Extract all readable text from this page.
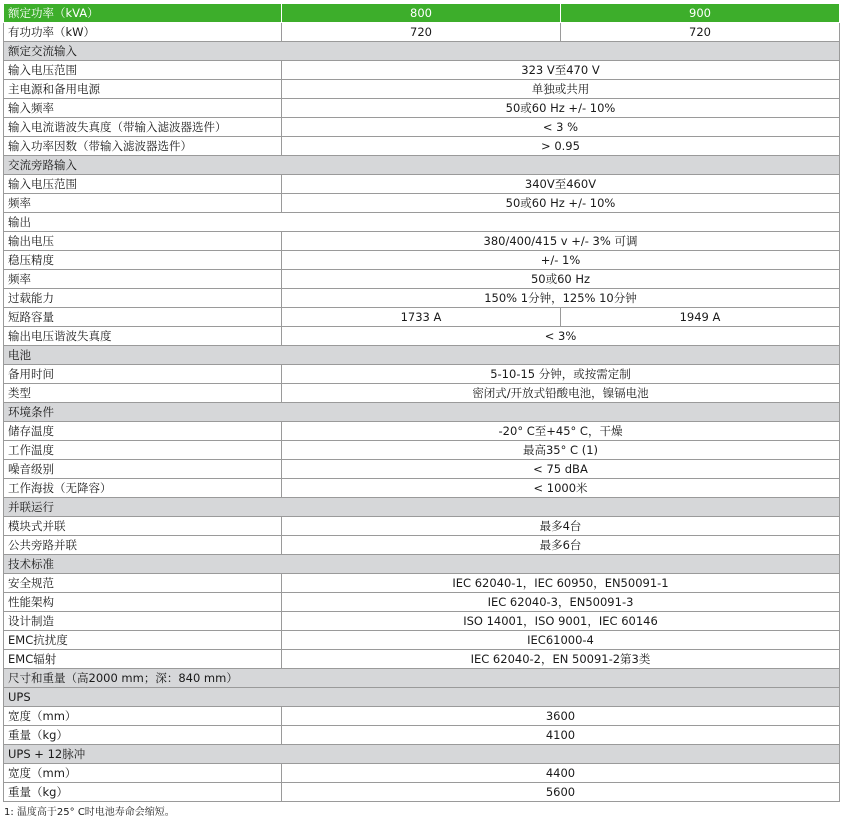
额定功率（kVA）	800	900
有功功率（kW）	720	720
额定交流输入		
输入电压范围	323 V至470 V	
主电源和备用电源	单独或共用	
输入频率	50或60 Hz +/- 10%	
输入电流谐波失真度（带输入滤波器选件）	< 3 %	
输入功率因数（带输入滤波器选件）	> 0.95	
交流旁路输入		
输入电压范围	340V至460V	
频率	50或60 Hz +/- 10%	
输出		
输出电压	380/400/415 v +/- 3% 可调	
稳压精度	+/- 1%	
频率	50或60 Hz	
过载能力	150% 1分钟，125% 10分钟	
短路容量	1733 A	1949 A
输出电压谐波失真度	< 3%	
电池		
备用时间	5-10-15 分钟，或按需定制	
类型	密闭式/开放式铅酸电池，镍镉电池	
环境条件		
储存温度	-20° C至+45° C，干燥	
工作温度	最高35° C (1)	
噪音级别	< 75 dBA	
工作海拔（无降容）	< 1000米	
并联运行		
模块式并联	最多4台	
公共旁路并联	最多6台	
技术标准		
安全规范	IEC 62040-1，IEC 60950，EN50091-1	
性能架构	IEC 62040-3，EN50091-3	
设计制造	ISO 14001，ISO 9001，IEC 60146	
EMC抗扰度	IEC61000-4	
EMC辐射	IEC 62040-2，EN 50091-2第3类	
尺寸和重量（高2000 mm；深：840 mm）		
UPS		
宽度（mm）	3600	
重量（kg）	4100	
UPS + 12脉冲		
宽度（mm）	4400	
重量（kg）	5600	
1: 温度高于25° C时电池寿命会缩短。
